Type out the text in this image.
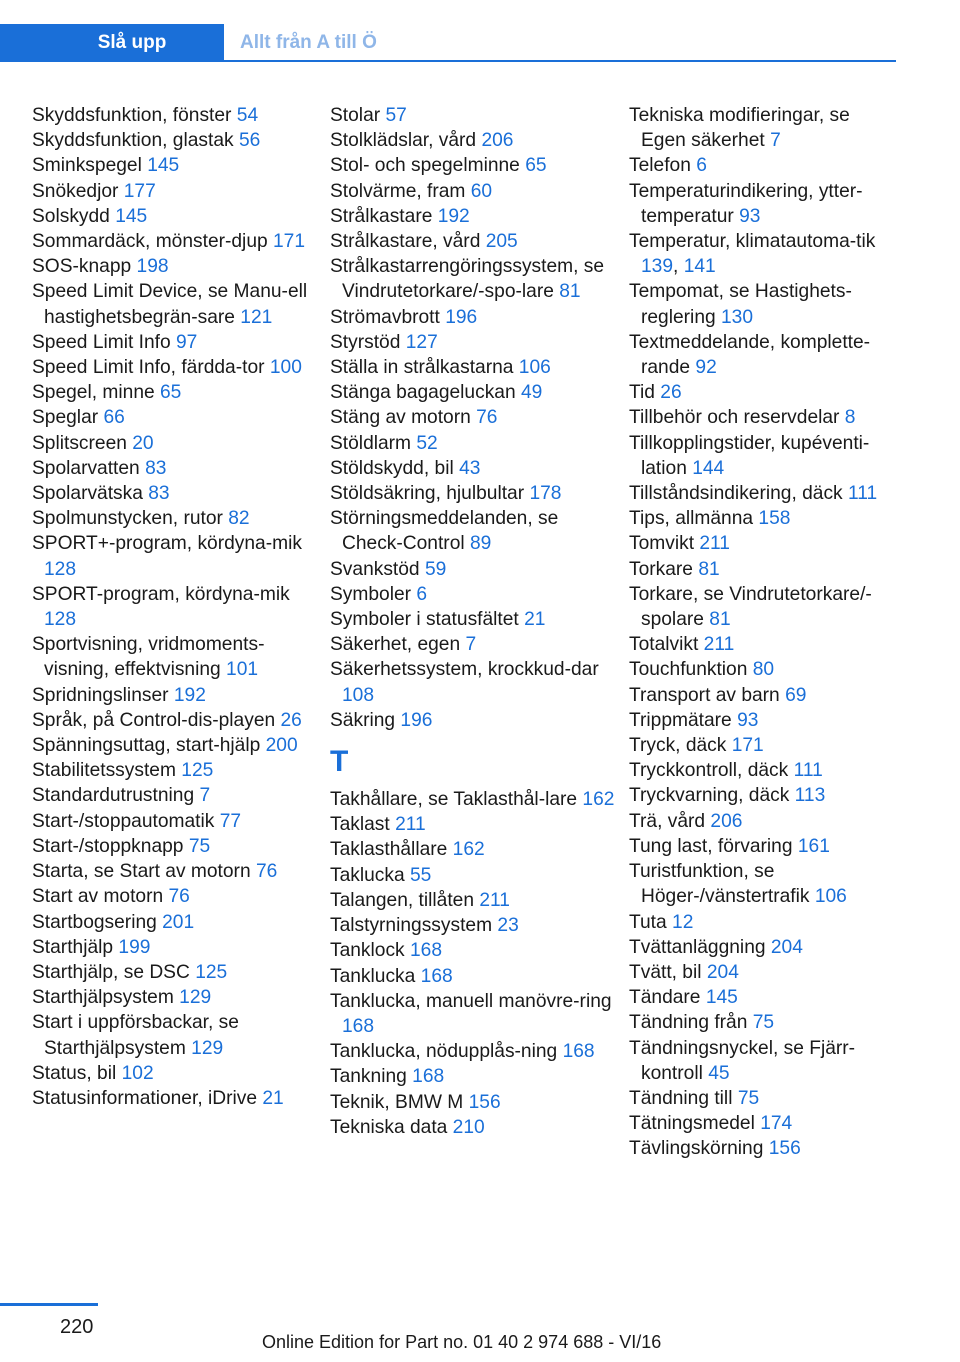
Slå upp	Allt från A till Ö
Skyddsfunktion, fönster 54
Skyddsfunktion, glastak 56
Sminkspegel 145
Snökedjor 177
Solskydd 145
Sommardäck, mönster-djup 171
SOS-knapp 198
Speed Limit Device, se Manu-ell hastighetsbegrän-sare 121
Speed Limit Info 97
Speed Limit Info, färdda-tor 100
Spegel, minne 65
Speglar 66
Splitscreen 20
Spolarvatten 83
Spolarvätska 83
Spolmunstycken, rutor 82
SPORT+-program, kördyna-mik 128
SPORT-program, kördyna-mik 128
Sportvisning, vridmoments-visning, effektvisning 101
Spridningslinser 192
Språk, på Control-dis-playen 26
Spänningsuttag, start-hjälp 200
Stabilitetssystem 125
Standardutrustning 7
Start-/stoppautomatik 77
Start-/stoppknapp 75
Starta, se Start av motorn 76
Start av motorn 76
Startbogsering 201
Starthjälp 199
Starthjälp, se DSC 125
Starthjälpsystem 129
Start i uppförsbackar, se Starthjälpsystem 129
Status, bil 102
Statusinformationer, iDrive 21
Stolar 57
Stolklädslar, vård 206
Stol- och spegelminne 65
Stolvärme, fram 60
Strålkastare 192
Strålkastare, vård 205
Strålkastarrengöringssystem, se Vindrutetorkare/-spo-lare 81
Strömavbrott 196
Styrstöd 127
Ställa in strålkastarna 106
Stänga bagageluckan 49
Stäng av motorn 76
Stöldlarm 52
Stöldskydd, bil 43
Stöldsäkring, hjulbultar 178
Störningsmeddelanden, se Check-Control 89
Svankstöd 59
Symboler 6
Symboler i statusfältet 21
Säkerhet, egen 7
Säkerhetssystem, krockkud-dar 108
Säkring 196
T
Takhållare, se Taklasthål-lare 162
Taklast 211
Taklasthållare 162
Taklucka 55
Talangen, tillåten 211
Talstyrningssystem 23
Tanklock 168
Tanklucka 168
Tanklucka, manuell manövre-ring 168
Tanklucka, nödupplås-ning 168
Tankning 168
Teknik, BMW M 156
Tekniska data 210
Tekniska modifieringar, se Egen säkerhet 7
Telefon 6
Temperaturindikering, ytter-temperatur 93
Temperatur, klimatautoma-tik 139, 141
Tempomat, se Hastighets-reglering 130
Textmeddelande, komplette-rande 92
Tid 26
Tillbehör och reservdelar 8
Tillkopplingstider, kupéventi-lation 144
Tillståndsindikering, däck 111
Tips, allmänna 158
Tomvikt 211
Torkare 81
Torkare, se Vindrutetorkare/-spolare 81
Totalvikt 211
Touchfunktion 80
Transport av barn 69
Trippmätare 93
Tryck, däck 171
Tryckkontroll, däck 111
Tryckvarning, däck 113
Trä, vård 206
Tung last, förvaring 161
Turistfunktion, se Höger-/vänstertrafik 106
Tuta 12
Tvättanläggning 204
Tvätt, bil 204
Tändare 145
Tändning från 75
Tändningsnyckel, se Fjärr-kontroll 45
Tändning till 75
Tätningsmedel 174
Tävlingskörning 156
220
Online Edition for Part no. 01 40 2 974 688 - VI/16
